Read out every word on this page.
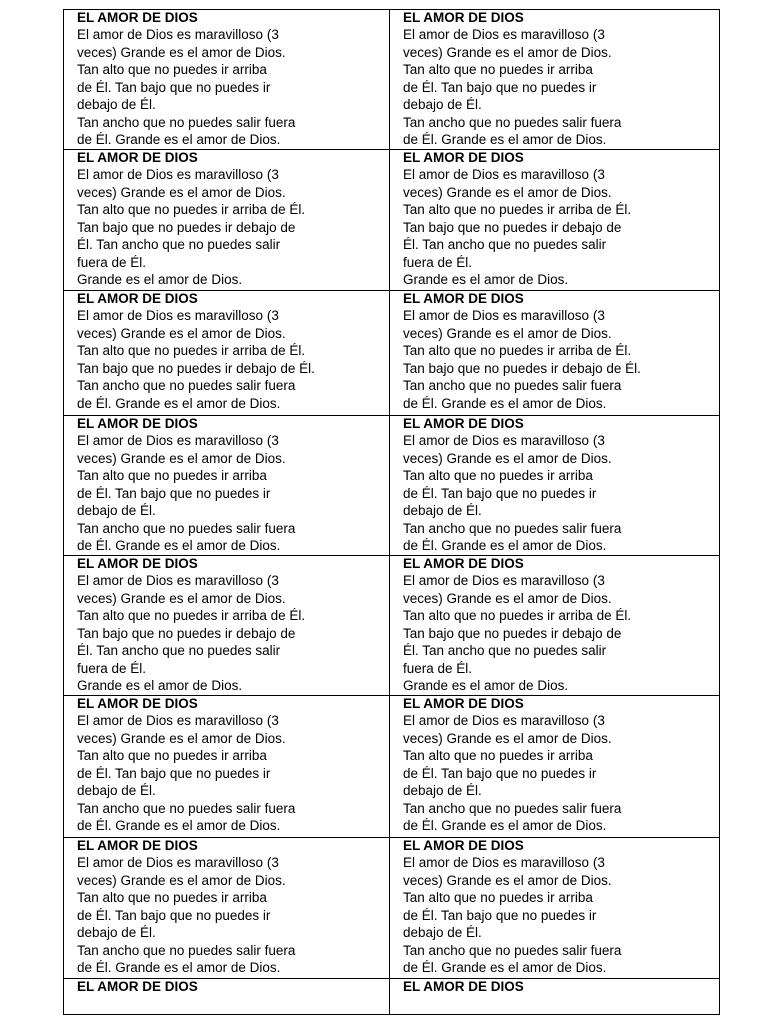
EL AMOR DE DIOS
El amor de Dios es maravilloso (3
veces) Grande es el amor de Dios.
Tan alto que no puedes ir arriba
de Él. Tan bajo que no puedes ir
debajo de Él.
Tan ancho que no puedes salir fuera
de Él. Grande es el amor de Dios.
EL AMOR DE DIOS
El amor de Dios es maravilloso (3
veces) Grande es el amor de Dios.
Tan alto que no puedes ir arriba
de Él. Tan bajo que no puedes ir
debajo de Él.
Tan ancho que no puedes salir fuera
de Él. Grande es el amor de Dios.
EL AMOR DE DIOS
El amor de Dios es maravilloso (3
veces) Grande es el amor de Dios.
Tan alto que no puedes ir arriba de Él.
Tan bajo que no puedes ir debajo de
Él. Tan ancho que no puedes salir
fuera de Él.
Grande es el amor de Dios.
EL AMOR DE DIOS
El amor de Dios es maravilloso (3
veces) Grande es el amor de Dios.
Tan alto que no puedes ir arriba de Él.
Tan bajo que no puedes ir debajo de
Él. Tan ancho que no puedes salir
fuera de Él.
Grande es el amor de Dios.
EL AMOR DE DIOS
El amor de Dios es maravilloso (3
veces) Grande es el amor de Dios.
Tan alto que no puedes ir arriba de Él.
Tan bajo que no puedes ir debajo de Él.
Tan ancho que no puedes salir fuera
de Él. Grande es el amor de Dios.
EL AMOR DE DIOS
El amor de Dios es maravilloso (3
veces) Grande es el amor de Dios.
Tan alto que no puedes ir arriba de Él.
Tan bajo que no puedes ir debajo de Él.
Tan ancho que no puedes salir fuera
de Él. Grande es el amor de Dios.
EL AMOR DE DIOS
El amor de Dios es maravilloso (3
veces) Grande es el amor de Dios.
Tan alto que no puedes ir arriba
de Él. Tan bajo que no puedes ir
debajo de Él.
Tan ancho que no puedes salir fuera
de Él. Grande es el amor de Dios.
EL AMOR DE DIOS
El amor de Dios es maravilloso (3
veces) Grande es el amor de Dios.
Tan alto que no puedes ir arriba
de Él. Tan bajo que no puedes ir
debajo de Él.
Tan ancho que no puedes salir fuera
de Él. Grande es el amor de Dios.
EL AMOR DE DIOS
El amor de Dios es maravilloso (3
veces) Grande es el amor de Dios.
Tan alto que no puedes ir arriba de Él.
Tan bajo que no puedes ir debajo de
Él. Tan ancho que no puedes salir
fuera de Él.
Grande es el amor de Dios.
EL AMOR DE DIOS
El amor de Dios es maravilloso (3
veces) Grande es el amor de Dios.
Tan alto que no puedes ir arriba de Él.
Tan bajo que no puedes ir debajo de
Él. Tan ancho que no puedes salir
fuera de Él.
Grande es el amor de Dios.
EL AMOR DE DIOS
El amor de Dios es maravilloso (3
veces) Grande es el amor de Dios.
Tan alto que no puedes ir arriba
de Él. Tan bajo que no puedes ir
debajo de Él.
Tan ancho que no puedes salir fuera
de Él. Grande es el amor de Dios.
EL AMOR DE DIOS
El amor de Dios es maravilloso (3
veces) Grande es el amor de Dios.
Tan alto que no puedes ir arriba
de Él. Tan bajo que no puedes ir
debajo de Él.
Tan ancho que no puedes salir fuera
de Él. Grande es el amor de Dios.
EL AMOR DE DIOS
El amor de Dios es maravilloso (3
veces) Grande es el amor de Dios.
Tan alto que no puedes ir arriba
de Él. Tan bajo que no puedes ir
debajo de Él.
Tan ancho que no puedes salir fuera
de Él. Grande es el amor de Dios.
EL AMOR DE DIOS
El amor de Dios es maravilloso (3
veces) Grande es el amor de Dios.
Tan alto que no puedes ir arriba
de Él. Tan bajo que no puedes ir
debajo de Él.
Tan ancho que no puedes salir fuera
de Él. Grande es el amor de Dios.
EL AMOR DE DIOS	EL AMOR DE DIOS
